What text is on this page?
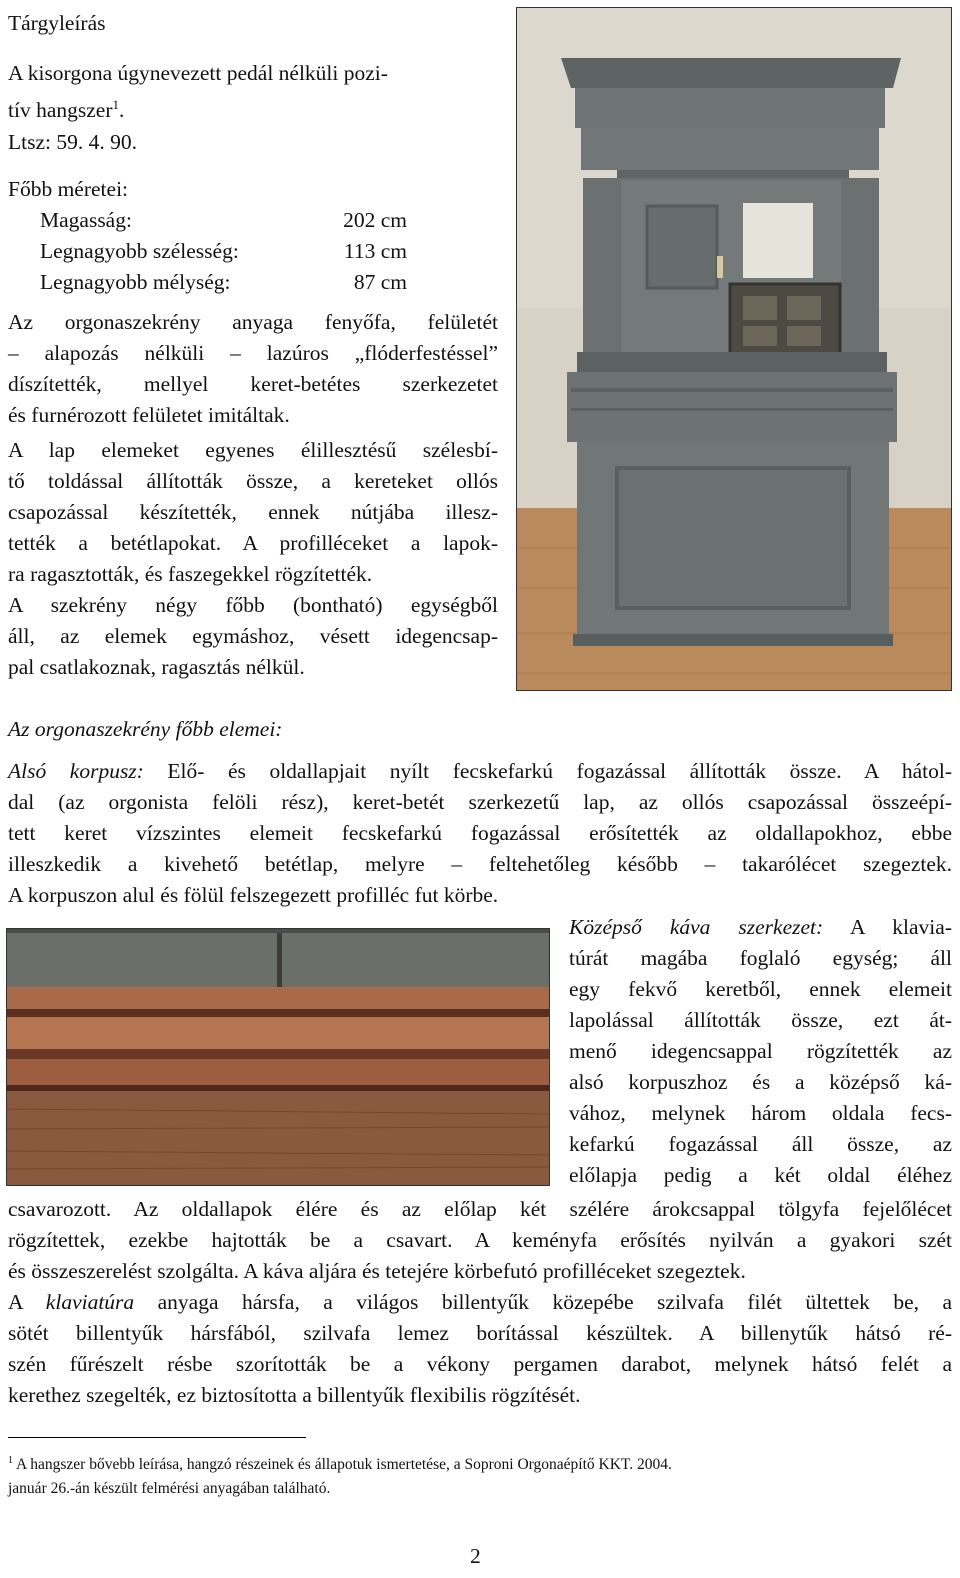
Tárgyleírás
A kisorgona úgynevezett pedál nélküli pozi-
tív hangszer$^1$.
Ltsz: 59. 4. 90.
Főbb méretei:
Magasság:	202 cm
Legnagyobb szélesség:	113 cm
Legnagyobb mélység:	87 cm
Az orgonaszekrény anyaga fenyőfa, felületét
– alapozás nélküli – lazúros „flóderfestéssel”
díszítették, mellyel keret-betétes szerkezetet
és furnérozott felületet imitáltak.
A lap elemeket egyenes élillesztésű szélesbí-
tő toldással állították össze, a kereteket ollós
csapozással készítették, ennek nútjába illesz-
tették a betétlapokat. A profilléceket a lapok-
ra ragasztották, és faszegekkel rögzítették.
A szekrény négy főbb (bontható) egységből
áll, az elemek egymáshoz, vésett idegencsap-
pal csatlakoznak, ragasztás nélkül.
Az orgonaszekrény főbb elemei:
Alsó korpusz: Elő- és oldallapjait nyílt fecskefarkú fogazással állították össze. A hátol-
dal (az orgonista felöli rész), keret-betét szerkezetű lap, az ollós csapozással összeépí-
tett keret vízszintes elemeit fecskefarkú fogazással erősítették az oldallapokhoz, ebbe
illeszkedik a kivehető betétlap, melyre – feltehetőleg később – takarólécet szegeztek.
A korpuszon alul és fölül felszegezett profilléc fut körbe.
Középső káva szerkezet: A klavia-
túrát magába foglaló egység; áll
egy fekvő keretből, ennek elemeit
lapolással állították össze, ezt át-
menő idegencsappal rögzítették az
alsó korpuszhoz és a középső ká-
vához, melynek három oldala fecs-
kefarkú fogazással áll össze, az
előlapja pedig a két oldal éléhez
csavarozott. Az oldallapok élére és az előlap két szélére árokcsappal tölgyfa fejelőlécet
rögzítettek, ezekbe hajtották be a csavart. A keményfa erősítés nyilván a gyakori szét
és összeszerelést szolgálta. A káva aljára és tetejére körbefutó profilléceket szegeztek.
A klaviatúra anyaga hársfa, a világos billentyűk közepébe szilvafa filét ültettek be, a
sötét billentyűk hársfából, szilvafa lemez borítással készültek. A billenytűk hátsó ré-
szén fűrészelt résbe szorították be a vékony pergamen darabot, melynek hátsó felét a
kerethez szegelték, ez biztosította a billentyűk flexibilis rögzítését.
$^1$ A hangszer bővebb leírása, hangzó részeinek és állapotuk ismertetése, a Soproni Orgonaépítő KKT. 2004.
január 26.-án készült felmérési anyagában található.
2
